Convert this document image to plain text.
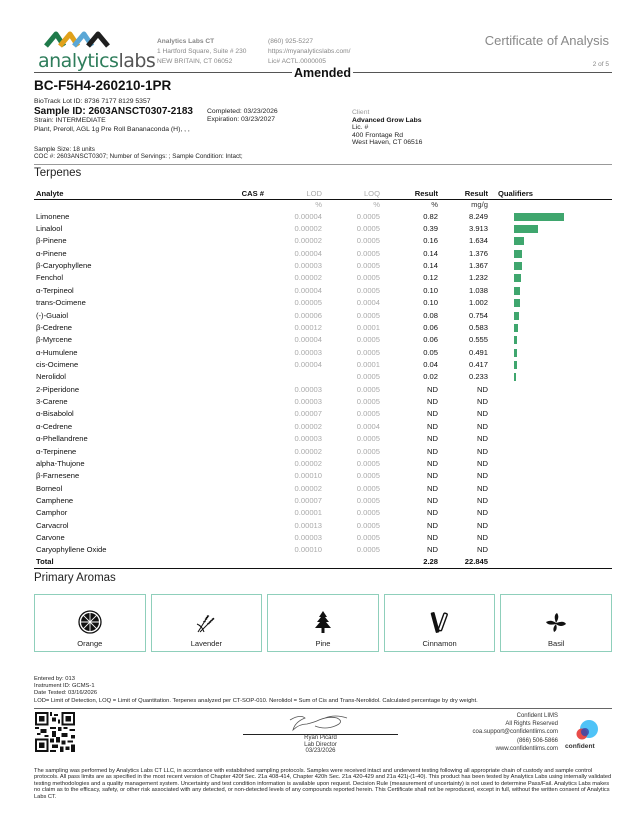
analyticslabs
Analytics Labs CT
1 Hartford Square, Suite # 230
NEW BRITAIN, CT 06052
(860) 925-5227
https://myanalyticslabs.com/
Lic# ACTL.0000005
Certificate of Analysis
2 of 5
Amended
BC-F5H4-260210-1PR
BioTrack Lot ID: 8736 7177 8129 5357
Sample ID: 2603ANSCT0307-2183
Strain: INTERMEDIATE
Plant, Preroll, AGL 1g Pre Roll Bananaconda (H), , ,
Completed: 03/23/2026
Expiration: 03/23/2027
Client
Advanced Grow Labs
Lic. #
400 Frontage Rd
West Haven, CT 06516
Sample Size: 18 units
COC #: 2603ANSCT0307; Number of Servings: ; Sample Condition: Intact;
Terpenes
Analyte	CAS #	LOD	LOQ	Result	Result	Qualifiers	
		%	%	%	mg/g		
Limonene		0.00004	0.0005	0.82	8.249		
Linalool		0.00002	0.0005	0.39	3.913		
β-Pinene		0.00002	0.0005	0.16	1.634		
α-Pinene		0.00004	0.0005	0.14	1.376		
β-Caryophyllene		0.00003	0.0005	0.14	1.367		
Fenchol		0.00002	0.0005	0.12	1.232		
α-Terpineol		0.00004	0.0005	0.10	1.038		
trans-Ocimene		0.00005	0.0004	0.10	1.002		
(-)-Guaiol		0.00006	0.0005	0.08	0.754		
β-Cedrene		0.00012	0.0001	0.06	0.583		
β-Myrcene		0.00004	0.0005	0.06	0.555		
α-Humulene		0.00003	0.0005	0.05	0.491		
cis-Ocimene		0.00004	0.0001	0.04	0.417		
Nerolidol			0.0005	0.02	0.233		
2-Piperidone		0.00003	0.0005	ND	ND		
3-Carene		0.00003	0.0005	ND	ND		
α-Bisabolol		0.00007	0.0005	ND	ND		
α-Cedrene		0.00002	0.0004	ND	ND		
α-Phellandrene		0.00003	0.0005	ND	ND		
α-Terpinene		0.00002	0.0005	ND	ND		
alpha-Thujone		0.00002	0.0005	ND	ND		
β-Farnesene		0.00010	0.0005	ND	ND		
Borneol		0.00002	0.0005	ND	ND		
Camphene		0.00007	0.0005	ND	ND		
Camphor		0.00001	0.0005	ND	ND		
Carvacrol		0.00013	0.0005	ND	ND		
Carvone		0.00003	0.0005	ND	ND		
Caryophyllene Oxide		0.00010	0.0005	ND	ND		
Total				2.28	22.845		
Primary Aromas
Orange	Lavender	Pine	Cinnamon	Basil
Entered by: 013
Instrument ID: GCMS-1
Date Tested: 03/16/2026
LOD= Limit of Detection, LOQ = Limit of Quantitation. Terpenes analyzed per CT-SOP-010. Nerolidol = Sum of Cis and Trans-Nerolidol. Calculated percentage by dry weight.
Ryan Picard
Lab Director
03/23/2026
Confident LIMS
All Rights Reserved
coa.support@confidentlims.com
(866) 506-5866
www.confidentlims.com confident
The sampling was performed by Analytics Labs CT LLC, in accordance with established sampling protocols. Samples were received intact and underwent testing following all appropriate chain of custody and sample control protocols. All pass limits are as specified in the most recent version of Chapter 420f Sec. 21a 408-414, Chapter 420h Sec. 21a 420-429 and 21a 421j-(1-40). This product has been tested by Analytics Labs using internally validated testing methodologies and a quality management system. Uncertainty and test condition information is available upon request. Decision Rule (measurement of uncertainty) is not used to determine Pass/Fail. Analytics Labs makes no claim as to the efficacy, safety, or other risk associated with any detected, or non-detected levels of any compounds reported herein. This Certificate shall not be reproduced, except in full, without the written consent of Analytics Labs CT.
